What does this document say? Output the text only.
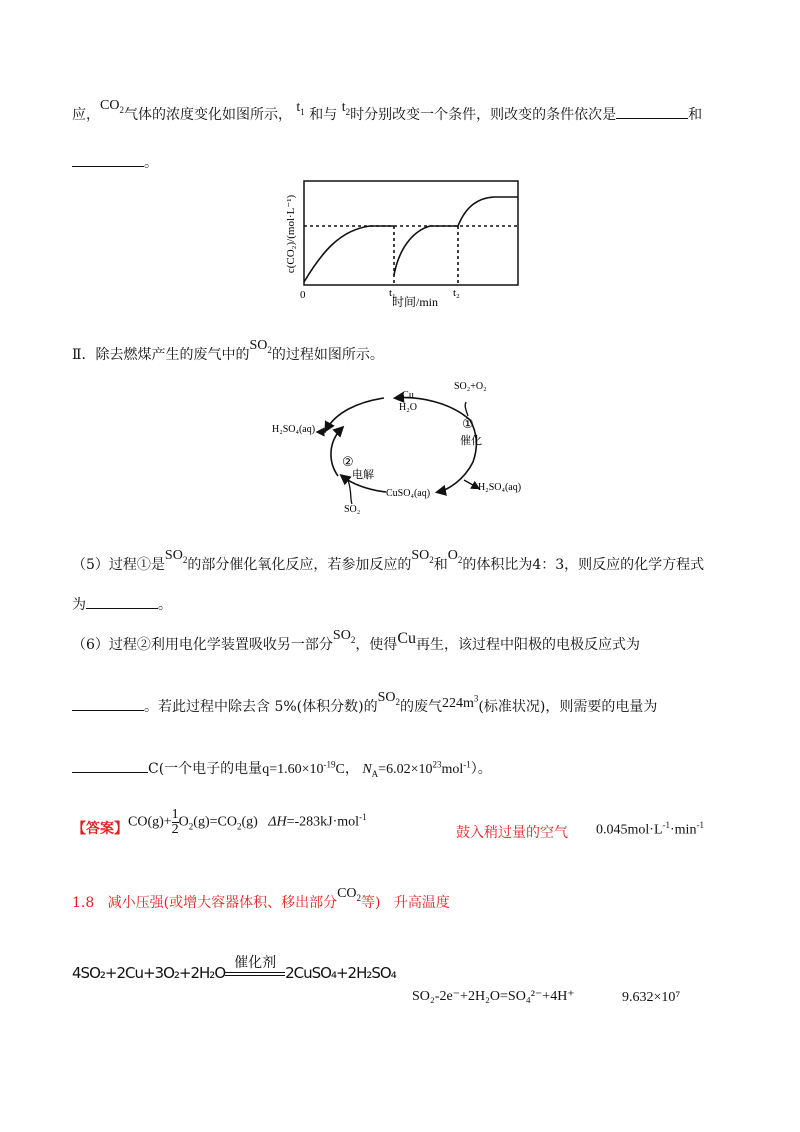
应，$CO_2$气体的浓度变化如图所示， $t_1$ 和与 $t_2$时分别改变一个条件，则改变的条件依次是	和
。
c(CO₂)/(mol·L⁻¹)
0	t₁	t₂
时间/min
Ⅱ．除去燃煤产生的废气中的$SO_2$的过程如图所示。
Cu
H₂O
SO₂+O₂
①
催化
H₂SO₄(aq)
②
电解
CuSO₄(aq)
H₂SO₄(aq)
SO₂
（5）过程①是$SO_2$的部分催化氧化反应，若参加反应的$SO_2$和$O_2$的体积比为4：3，则反应的化学方程式
为	。
（6）过程②利用电化学装置吸收另一部分$SO_2$，使得Cu再生，该过程中阳极的电极反应式为
。若此过程中除去含 5%(体积分数)的$SO_2$的废气$224m^3$(标准状况)，则需要的电量为
C(一个电子的电量$q=1.60\times 10^{-19}C$， $N_A=6.02\times 10^{23}mol^{-1}$）。
【答案】 $CO(g)+ \frac{1}{2} O_2(g)=CO_2(g)$ ΔH=-283kJ·mol$^{-1}$
鼓入稍过量的空气 $0.045mol\cdot L^{-1}\cdot\min^{-1}$
1.8 减小压强(或增大容器体积、移出部分$CO_2$等) 升高温度
4SO₂+2Cu+3O₂+2H₂O
催化剂
2CuSO₄+2H₂SO₄
SO₂-2e⁻+2H₂O=SO₄²⁻+4H⁺	9.632×10⁷
